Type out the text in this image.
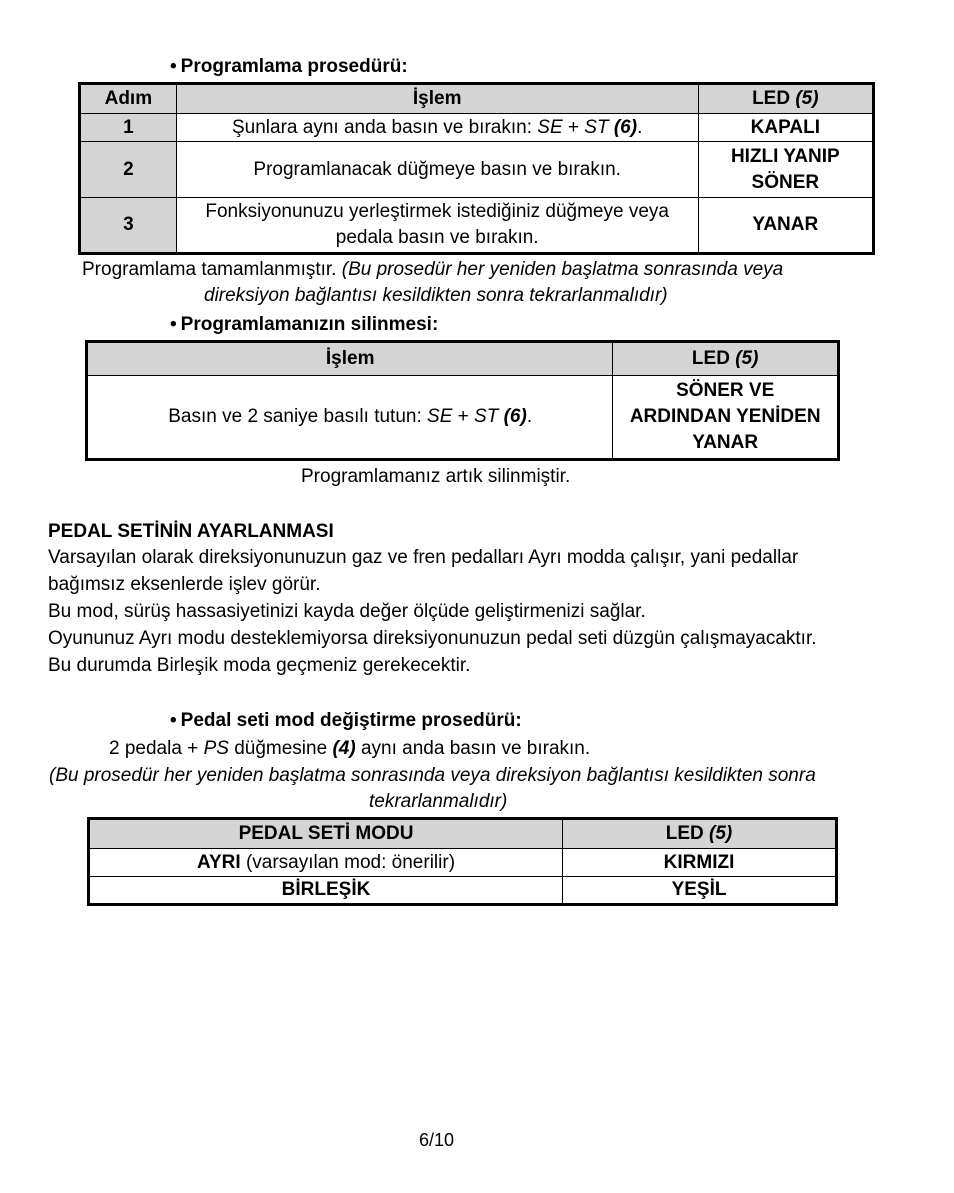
• Programlama prosedürü:
Adım	İşlem	LED (5)
1	Şunlara aynı anda basın ve bırakın: SE + ST (6).	KAPALI
2	Programlanacak düğmeye basın ve bırakın.	HIZLI YANIP
SÖNER

3	Fonksiyonunuzu yerleştirmek istediğiniz düğmeye veya
pedala basın ve bırakın.	YANAR
Programlama tamamlanmıştır. (Bu prosedür her yeniden başlatma sonrasında veya
direksiyon bağlantısı kesildikten sonra tekrarlanmalıdır)
• Programlamanızın silinmesi:
İşlem	LED (5)
Basın ve 2 saniye basılı tutun: SE + ST (6).	SÖNER VE
ARDINDAN YENİDEN
YANAR
Programlamanız artık silinmiştir.
PEDAL SETİNİN AYARLANMASI
Varsayılan olarak direksiyonunuzun gaz ve fren pedalları Ayrı modda çalışır, yani pedallar
bağımsız eksenlerde işlev görür.
Bu mod, sürüş hassasiyetinizi kayda değer ölçüde geliştirmenizi sağlar.
Oyununuz Ayrı modu desteklemiyorsa direksiyonunuzun pedal seti düzgün çalışmayacaktır.
Bu durumda Birleşik moda geçmeniz gerekecektir.
• Pedal seti mod değiştirme prosedürü:
2 pedala + PS düğmesine (4) aynı anda basın ve bırakın.
(Bu prosedür her yeniden başlatma sonrasında veya direksiyon bağlantısı kesildikten sonra
tekrarlanmalıdır)
PEDAL SETİ MODU	LED (5)
AYRI (varsayılan mod: önerilir)	KIRMIZI
BİRLEŞİK	YEŞİL
6/10
